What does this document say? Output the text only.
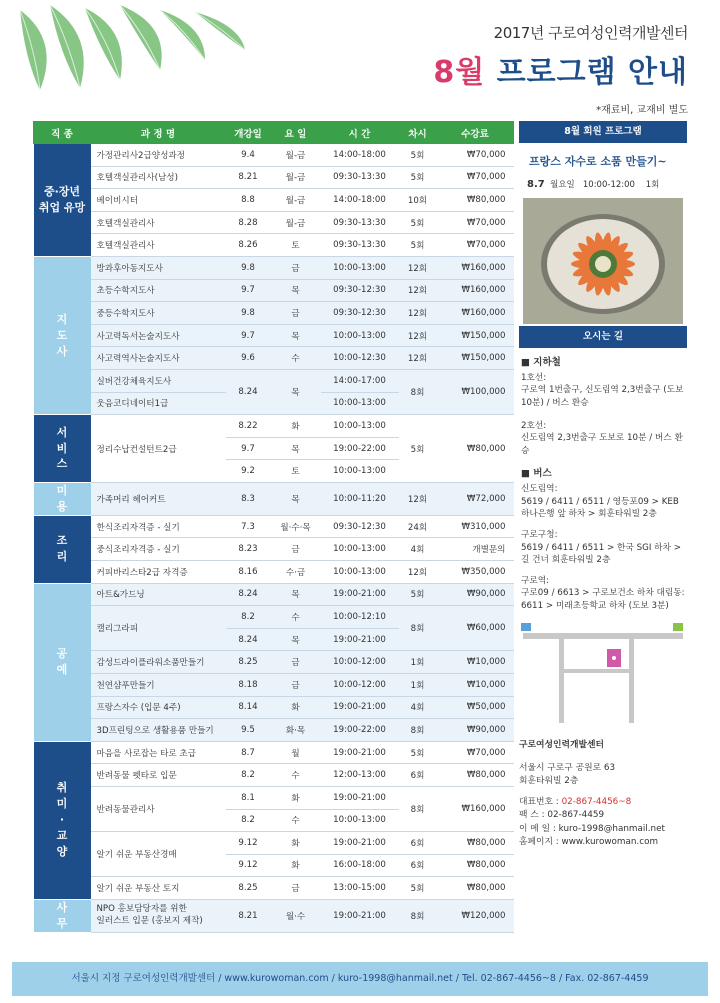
2017년 구로여성인력개발센터
8월 프로그램 안내
*재료비, 교재비 별도
직 종	과 정 명	개강일	요 일	시 간	차시	수강료
중·장년
취업 유망	가정관리사2급양성과정	9.4	월-금	14:00-18:00	5회	₩70,000
	호텔객실관리사(남성)	8.21	월-금	09:30-13:30	5회	₩70,000
	베이비시터	8.8	월-금	14:00-18:00	10회	₩80,000
	호텔객실관리사	8.28	월-금	09:30-13:30	5회	₩70,000
	호텔객실관리사	8.26	토	09:30-13:30	5회	₩70,000
지
도
사	방과후아동지도사	9.8	금	10:00-13:00	12회	₩160,000
	초등수학지도사	9.7	목	09:30-12:30	12회	₩160,000
	중등수학지도사	9.8	금	09:30-12:30	12회	₩160,000
	사고력독서논술지도사	9.7	목	10:00-13:00	12회	₩150,000
	사고력역사논술지도사	9.6	수	10:00-12:30	12회	₩150,000
	실버건강체육지도사	8.24	목	14:00-17:00	8회	₩100,000
	웃음코디네이터1급			10:00-13:00		
서
비
스	정리수납컨설턴트2급	8.22	화	10:00-13:00	5회	₩80,000
		9.7	목	19:00-22:00		
		9.2	토	10:00-13:00		
미
용	가족머리 헤어커트	8.3	목	10:00-11:20	12회	₩72,000
조
리	한식조리자격증 - 실기	7.3	월·수·목	09:30-12:30	24회	₩310,000
	중식조리자격증 - 실기	8.23	금	10:00-13:00	4회	개별문의
	커피바리스타2급 자격증	8.16	수·금	10:00-13:00	12회	₩350,000
공
예	아트&가드닝	8.24	목	19:00-21:00	5회	₩90,000
	캘리그라피	8.2	수	10:00-12:10	8회	₩60,000
		8.24	목	19:00-21:00		
	감성드라이플라워소품만들기	8.25	금	10:00-12:00	1회	₩10,000
	천연샴푸만들기	8.18	금	10:00-12:00	1회	₩10,000
	프랑스자수 (입문 4주)	8.14	화	19:00-21:00	4회	₩50,000
	3D프린팅으로 생활용품 만들기	9.5	화·목	19:00-22:00	8회	₩90,000
취
미
·
교
양	마음을 사로잡는 타로 초급	8.7	월	19:00-21:00	5회	₩70,000
	반려동물 펫타로 입문	8.2	수	12:00-13:00	6회	₩80,000
	반려동물관리사	8.1	화	19:00-21:00	8회	₩160,000
		8.2	수	10:00-13:00		
	알기 쉬운 부동산경매	9.12	화	19:00-21:00	6회	₩80,000
		9.12	화	16:00-18:00	6회	₩80,000
	알기 쉬운 부동산 토지	8.25	금	13:00-15:00	5회	₩80,000
사
무	NPO 홍보담당자를 위한
일러스트 입문 (홍보지 제작)	8.21	월·수	19:00-21:00	8회	₩120,000
8월 회원 프로그램
프랑스 자수로 소품 만들기~
8.7 월요일 10:00-12:00 1회
오시는 길
■ 지하철
1호선:
구로역 1번출구, 신도림역 2,3번출구 (도보 10분) / 버스 환승
2호선:
신도림역 2,3번출구 도보로 10분 / 버스 환승
■ 버스
신도림역:
5619 / 6411 / 6511 / 영등포09 > KEB하나은행 앞 하차 > 회훈타워빌 2층
구로구청:
5619 / 6411 / 6511 > 한국 SGI 하차 > 길 건너 회훈타워빌 2층
구로역:
구로09 / 6613 > 구로보건소 하차 대림동: 6611 > 미래초등학교 하차 (도보 3분)
구로여성인력개발센터
서울시 구로구 공원로 63
회훈타워빌 2층
대표번호 : 02-867-4456~8
팩 스 : 02-867-4459
이 메 일 : kuro-1998@hanmail.net
홈페이지 : www.kurowoman.com
서울시 지정 구로여성인력개발센터 / www.kurowoman.com / kuro-1998@hanmail.net / Tel. 02-867-4456~8 / Fax. 02-867-4459
